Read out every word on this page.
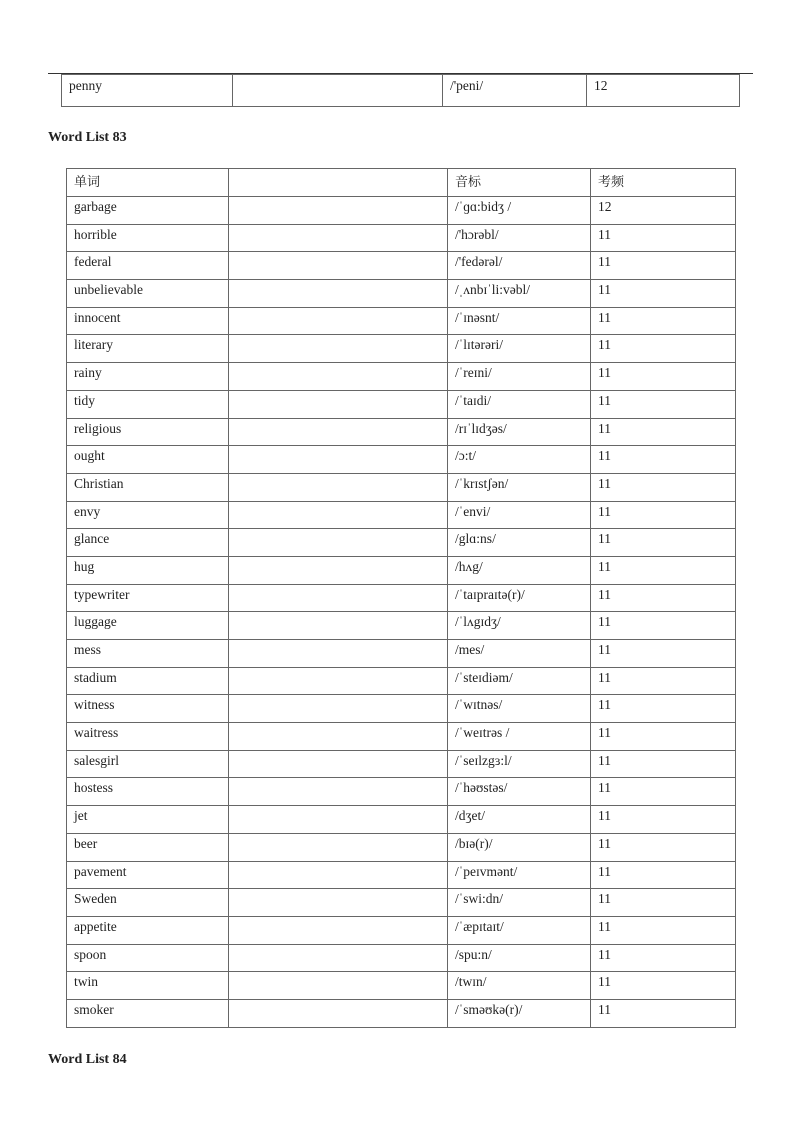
penny		/'peni/	12
Word List 83
单词		音标	考频
garbage		/ˈɡɑ:bidʒ /	12
horrible		/'hɔrəbl/	11
federal		/'fedərəl/	11
unbelievable		/ˌʌnbɪˈli:vəbl/	11
innocent		/ˈɪnəsnt/	11
literary		/ˈlɪtərəri/	11
rainy		/ˈreɪni/	11
tidy		/ˈtaɪdi/	11
religious		/rɪˈlɪdʒəs/	11
ought		/ɔ:t/	11
Christian		/ˈkrɪstʃən/	11
envy		/ˈenvi/	11
glance		/glɑ:ns/	11
hug		/hʌg/	11
typewriter		/ˈtaɪpraɪtə(r)/	11
luggage		/ˈlʌgɪdʒ/	11
mess		/mes/	11
stadium		/ˈsteɪdiəm/	11
witness		/ˈwɪtnəs/	11
waitress		/ˈweɪtrəs /	11
salesgirl		/ˈseɪlzgɜ:l/	11
hostess		/ˈhəʊstəs/	11
jet		/dʒet/	11
beer		/bɪə(r)/	11
pavement		/ˈpeɪvmənt/	11
Sweden		/ˈswi:dn/	11
appetite		/ˈæpɪtaɪt/	11
spoon		/spu:n/	11
twin		/twɪn/	11
smoker		/ˈsməʊkə(r)/	11
Word List 84
